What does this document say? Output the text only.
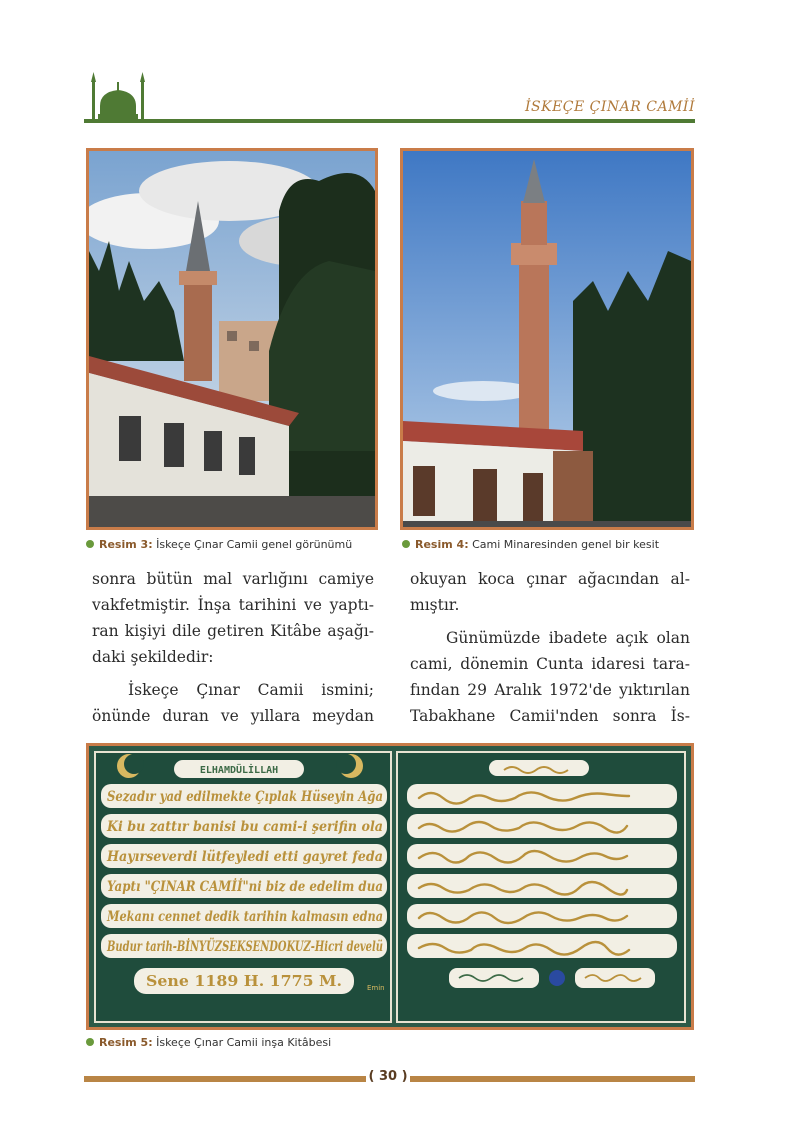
İSKEÇE ÇINAR CAMİİ
Resim 3: İskeçe Çınar Camii genel görünümü	Resim 4: Cami Minaresinden genel bir kesit
sonra bütün mal varlığını camiye
vakfetmiştir. İnşa tarihini ve yaptı-
ran kişiyi dile getiren Kitâbe aşağı-
daki şekildedir:
İskeçe Çınar Camii ismini;
önünde duran ve yıllara meydan
okuyan koca çınar ağacından al-
mıştır.
Günümüzde ibadete açık olan
cami, dönemin Cunta idaresi tara-
fından 29 Aralık 1972'de yıktırılan
Tabakhane Camii'nden sonra İs-
ELHAMDÜLİLLAH
Sezadır yad edilmekte Çıplak Hüseyin Ağa
Ki bu zattır banisi bu cami-i şerifin ola
Hayırseverdi lütfeyledi etti gayret feda
Yaptı "ÇINAR CAMİİ"ni biz de edelim dua
Mekanı cennet dedik tarihin kalmasın edna
Budur tarih-BİNYÜZSEKSENDOKUZ-Hicri develü
Sene 1189 H. 1775 M.	Emin
Resim 5: İskeçe Çınar Camii inşa Kitâbesi
( 30 )
